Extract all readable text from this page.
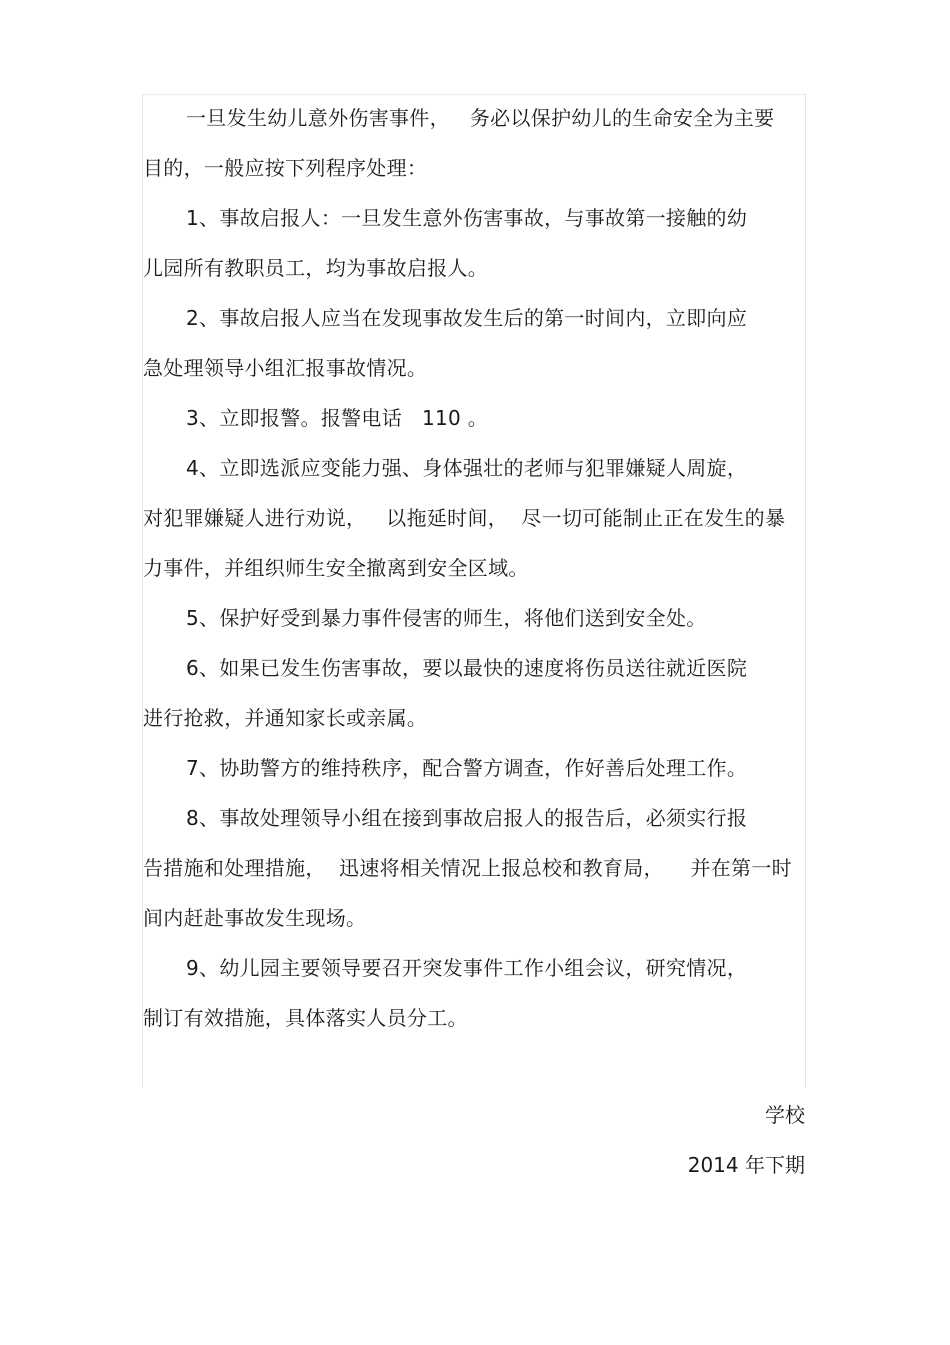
一旦发生幼儿意外伤害事件，   务必以保护幼儿的生命安全为主要
目的，一般应按下列程序处理：
1、事故启报人：一旦发生意外伤害事故，与事故第一接触的幼
儿园所有教职员工，均为事故启报人。
2、事故启报人应当在发现事故发生后的第一时间内，立即向应
急处理领导小组汇报事故情况。
3、立即报警。报警电话   110 。
4、立即选派应变能力强、身体强壮的老师与犯罪嫌疑人周旋，
对犯罪嫌疑人进行劝说，   以拖延时间，  尽一切可能制止正在发生的暴
力事件，并组织师生安全撤离到安全区域。
5、保护好受到暴力事件侵害的师生，将他们送到安全处。
6、如果已发生伤害事故，要以最快的速度将伤员送往就近医院
进行抢救，并通知家长或亲属。
7、协助警方的维持秩序，配合警方调查，作好善后处理工作。
8、事故处理领导小组在接到事故启报人的报告后，必须实行报
告措施和处理措施，  迅速将相关情况上报总校和教育局，    并在第一时
间内赶赴事故发生现场。
9、幼儿园主要领导要召开突发事件工作小组会议，研究情况，
制订有效措施，具体落实人员分工。
学校
2014 年下期
